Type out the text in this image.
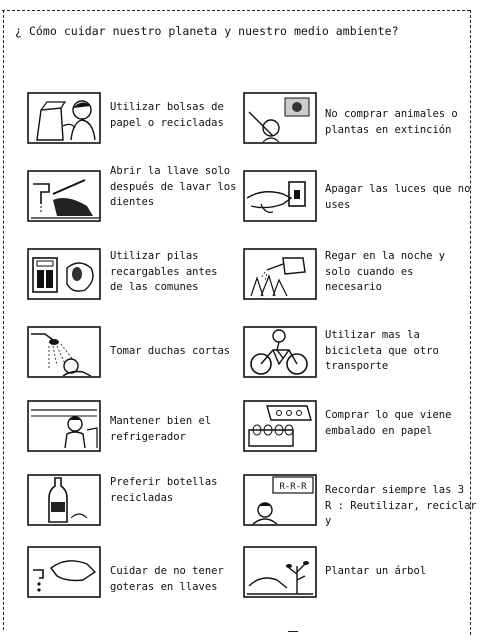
¿ Cómo cuidar nuestro planeta y nuestro medio ambiente?
Utilizar bolsas de
papel o recicladas
Abrir la llave solo
después de lavar los
dientes
Utilizar pilas
recargables antes
de las comunes
Tomar duchas cortas
Mantener bien el
refrigerador
Preferir botellas
recicladas
Cuidar de no tener
goteras en llaves
No comprar animales o
plantas en extinción
Apagar las luces que no
uses
Regar en la noche y
solo cuando es
necesario
Utilizar mas la
bicicleta que otro
transporte
Comprar lo que viene
embalado en papel
R-R-R Recordar siempre las 3
R : Reutilizar, reciclar
y
Plantar un árbol
